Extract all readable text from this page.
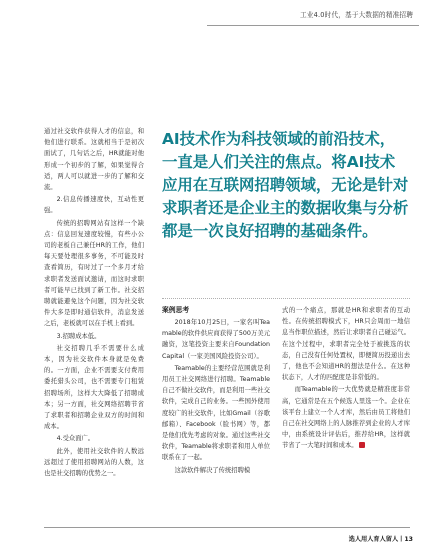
工业4.0时代，基于大数据的精准招聘

通过社交软件获得人才的信息，和他们进行联系。这就相当于是初次面试了，几句话之后，HR就能对他形成一个初步的了解，如果觉得合适，两人可以就进一步的了解和交流。

2.信息传播速度快，互动性更强。

传统的招聘网站有这样一个缺点：信息回复速度较慢，有些小公司的老板自己兼任HR的工作，他们每天要处理很多事务，不可能及时查看简历，有时过了一个多月才给求职者发送面试邀请，而这时求职者可能早已找到了新工作。社交招聘就能避免这个问题，因为社交软件大多是即时通信软件，消息发送之后，老板就可以在手机上看到。

3.招聘成本低。

社交招聘几乎不需要什么成本，因为社交软件本身就是免费的。一方面，企业不需要支付费用委托猎头公司，也不需要专门租赁招聘场所，这样大大降低了招聘成本；另一方面，社交网络招聘节省了求职者和招聘企业双方的时间和成本。

4.受众面广。

此外，使用社交软件的人数远远超过了使用招聘网站的人数，这也是社交招聘的优势之一。

AI技术作为科技领域的前沿技术，一直是人们关注的焦点。将AI技术应用在互联网招聘领域，无论是针对求职者还是企业主的数据收集与分析都是一次良好招聘的基础条件。
案例思考

2018年10月25日，一家名叫Teamable的软件供应商获得了500万美元融资，这笔投资主要来自Foundation Capital（一家美国风险投资公司）。

Teamable的主要经营范围就是利用员工社交网络进行招聘。Teamable自己不做社交软件，而是利用一些社交软件，完成自己的业务。一些国外使用度较广的社交软件，比如Gmail（谷歌邮箱）、Facebook（脸书网）等，都是他们优先考虑的对象。通过这些社交软件，Teamable将求职者和用人单位联系在了一起。

这款软件解决了传统招聘模

式的一个痛点，那就是HR和求职者的互动性。在传统招聘模式下，HR只会周而一地信息当作职位描述，然后让求职者自己碰运气。在这个过程中，求职者完全处于被挑选的状态，自己没有任何处置权，即便简历投递出去了，他也不会知道HR的想法是什么。在这种状态下，人才的匹配度是非常低的。

而Teamable的一大优势就是精准度非常高，它通常是在五个候选人里选一个。企业在该平台上建立一个人才库，然后由员工将他们自己在社交网络上的人脉推荐到企业的人才库中，由系统设计评估后，推荐给HR，这样就节省了一大笔时间和成本。

选人用人育人留人丨13
